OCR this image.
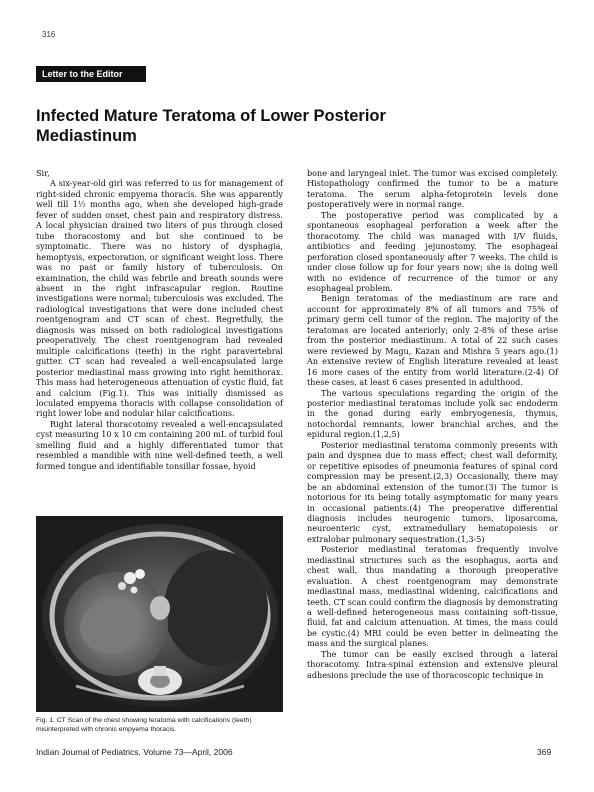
316
Letter to the Editor
Infected Mature Teratoma of Lower Posterior Mediastinum

Sir,

A six-year-old girl was referred to us for management of right-sided chronic empyema thoracis. She was apparently well till 1½ months ago, when she developed high-grade fever of sudden onset, chest pain and respiratory distress. A local physician drained two liters of pus through closed tube thoracostomy and but she continued to be symptomatic. There was no history of dysphagia, hemoptysis, expectoration, or significant weight loss. There was no past or family history of tuberculosis. On examination, the child was febrile and breath sounds were absent in the right infrascapular region. Routine investigations were normal; tuberculosis was excluded. The radiological investigations that were done included chest roentgenogram and CT scan of chest. Regretfully, the diagnosis was missed on both radiological investigations preoperatively. The chest roentgenogram had revealed multiple calcifications (teeth) in the right paravertebral gutter. CT scan had revealed a well-encapsulated large posterior mediastinal mass growing into right hemithorax. This mass had heterogeneous attenuation of cystic fluid, fat and calcium (Fig.1). This was initially dismissed as loculated empyema thoracis with collapse consolidation of right lower lobe and nodular hilar calcifications.

Right lateral thoracotomy revealed a well-encapsulated cyst measuring 10 x 10 cm containing 200 mL of turbid foul smelling fluid and a highly differentiated tumor that resembled a mandible with nine well-defined teeth, a well formed tongue and identifiable tonsillar fossae, hyoid

Fig. 1. CT Scan of the chest showing teratoma with calcifications (teeth) misinterpreted with chronic empyema thoracis.

bone and laryngeal inlet. The tumor was excised completely. Histopathology confirmed the tumor to be a mature teratoma. The serum alpha-fetoprotein levels done postoperatively were in normal range.

The postoperative period was complicated by a spontaneous esophageal perforation a week after the thoracotomy. The child was managed with I/V fluids, antibiotics and feeding jejunostomy. The esophageal perforation closed spontaneously after 7 weeks. The child is under close follow up for four years now; she is doing well with no evidence of recurrence of the tumor or any esophageal problem.

Benign teratomas of the mediastinum are rare and account for approximately 8% of all tumors and 75% of primary germ cell tumor of the region. The majority of the teratomas are located anteriorly; only 2-8% of these arise from the posterior mediastinum. A total of 22 such cases were reviewed by Magu, Kazan and Mishra 5 years ago.(1) An extensive review of English literature revealed at least 16 more cases of the entity from world literature.(2-4) Of these cases, at least 6 cases presented in adulthood.

The various speculations regarding the origin of the posterior mediastinal teratomas include yolk sac endoderm in the gonad during early embryogenesis, thymus, notochordal remnants, lower branchial arches, and the epidural region.(1,2,5)

Posterior mediastinal teratoma commonly presents with pain and dyspnea due to mass effect; chest wall deformity, or repetitive episodes of pneumonia features of spinal cord compression may be present.(2,3) Occasionally, there may be an abdominal extension of the tumor.(3) The tumor is notorious for its being totally asymptomatic for many years in occasional patients.(4) The preoperative differential diagnosis includes neurogenic tumors, liposarcoma, neuroenteric cyst, extramedullary hematopoiesis or extralobar pulmonary sequestration.(1,3-5)

Posterior mediastinal teratomas frequently involve mediastinal structures such as the esophagus, aorta and chest wall, thus mandating a thorough preoperative evaluation. A chest roentgenogram may demonstrate mediastinal mass, mediastinal widening, calcifications and teeth. CT scan could confirm the diagnosis by demonstrating a well-defined heterogeneous mass containing soft-tissue, fluid, fat and calcium attenuation. At times, the mass could be cystic.(4) MRI could be even better in delineating the mass and the surgical planes.

The tumor can be easily excised through a lateral thoracotomy. Intra-spinal extension and extensive pleural adhesions preclude the use of thoracoscopic technique in

Indian Journal of Pediatrics, Volume 73—April, 2006	369
